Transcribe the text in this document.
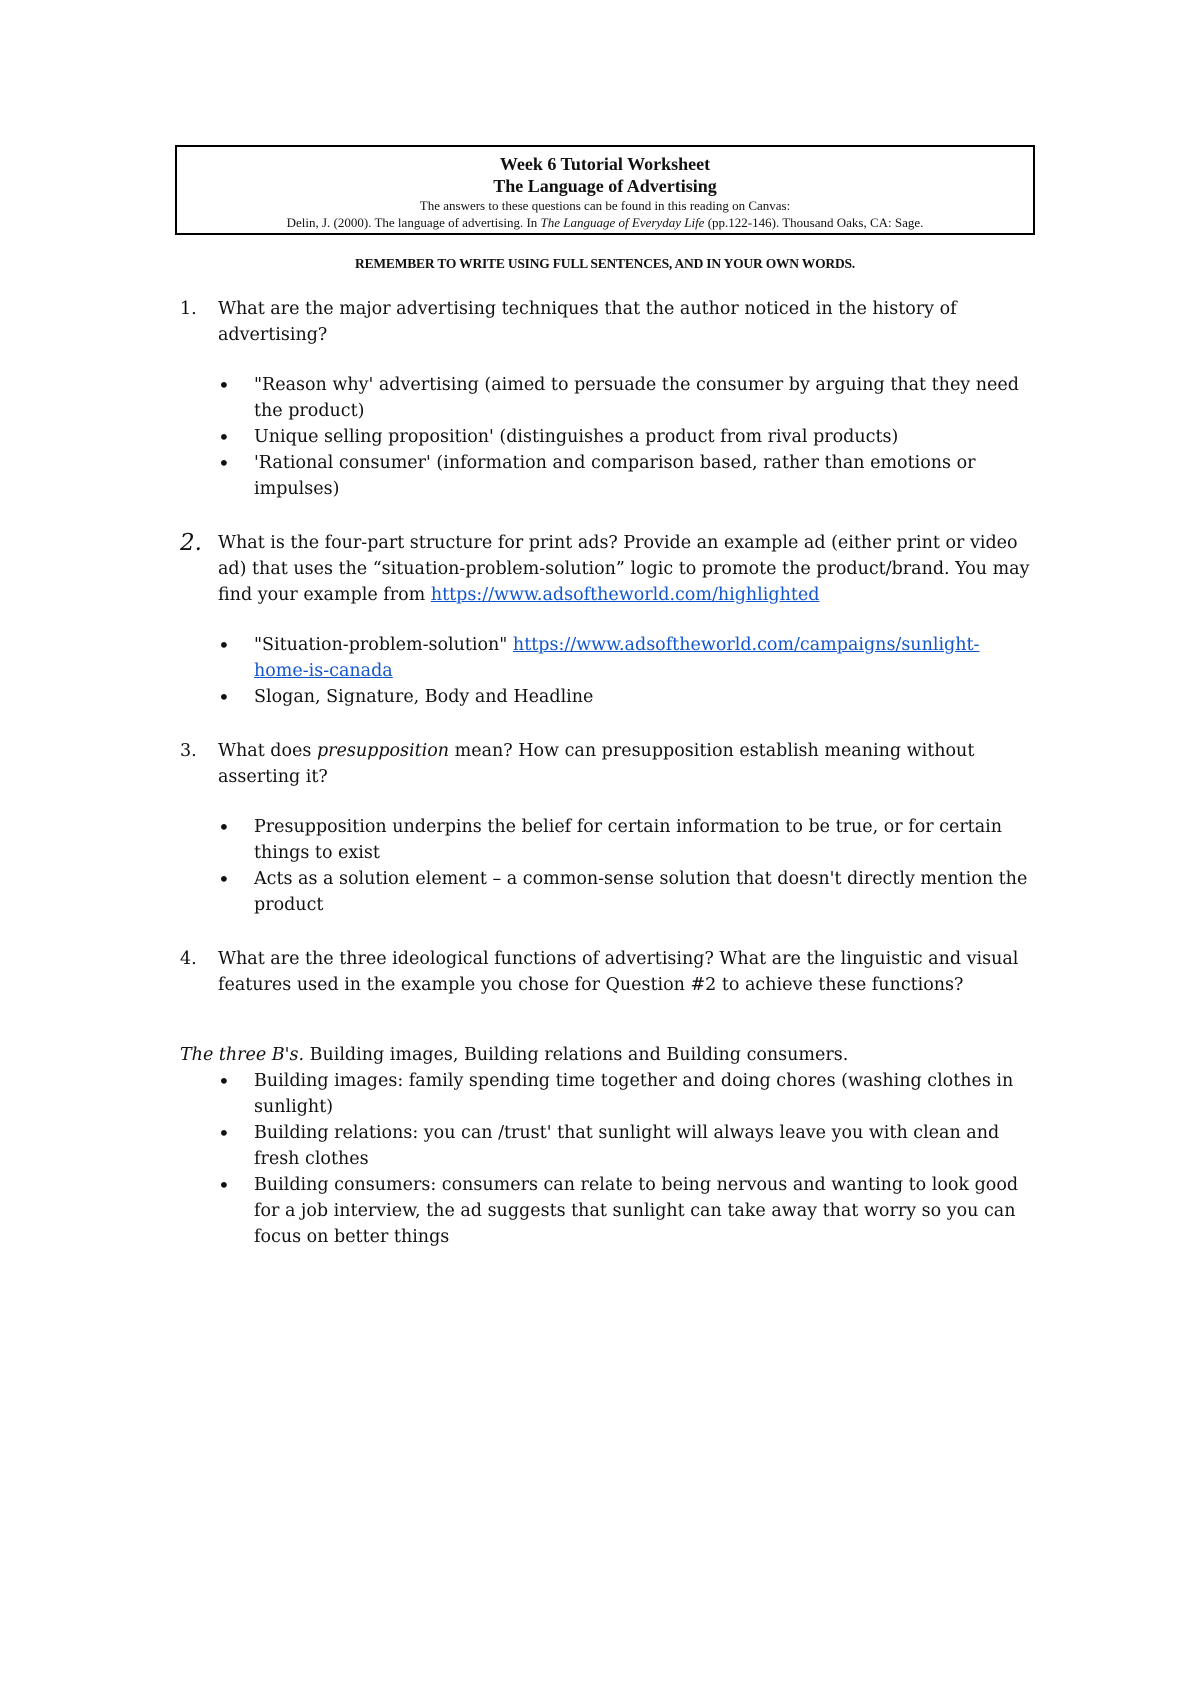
Week 6 Tutorial Worksheet
The Language of Advertising
The answers to these questions can be found in this reading on Canvas:
Delin, J. (2000). The language of advertising. In The Language of Everyday Life (pp.122-146). Thousand Oaks, CA: Sage.
REMEMBER TO WRITE USING FULL SENTENCES, AND IN YOUR OWN WORDS.
1.	What are the major advertising techniques that the author noticed in the history of advertising?
•	"Reason why' advertising (aimed to persuade the consumer by arguing that they need the product)
•	Unique selling proposition' (distinguishes a product from rival products)
•	'Rational consumer' (information and comparison based, rather than emotions or impulses)
2. What is the four-part structure for print ads? Provide an example ad (either print or video ad) that uses the “situation-problem-solution” logic to promote the product/brand. You may find your example from https://www.adsoftheworld.com/highlighted
•	"Situation-problem-solution" https://www.adsoftheworld.com/campaigns/sunlight-home-is-canada
•	Slogan, Signature, Body and Headline
3.	What does presupposition mean? How can presupposition establish meaning without asserting it?
•	Presupposition underpins the belief for certain information to be true, or for certain things to exist
•	Acts as a solution element – a common-sense solution that doesn't directly mention the product
4.	What are the three ideological functions of advertising? What are the linguistic and visual features used in the example you chose for Question #2 to achieve these functions?
The three B's. Building images, Building relations and Building consumers.
•	Building images: family spending time together and doing chores (washing clothes in sunlight)
•	Building relations: you can /trust' that sunlight will always leave you with clean and fresh clothes
•	Building consumers: consumers can relate to being nervous and wanting to look good for a job interview, the ad suggests that sunlight can take away that worry so you can focus on better things
